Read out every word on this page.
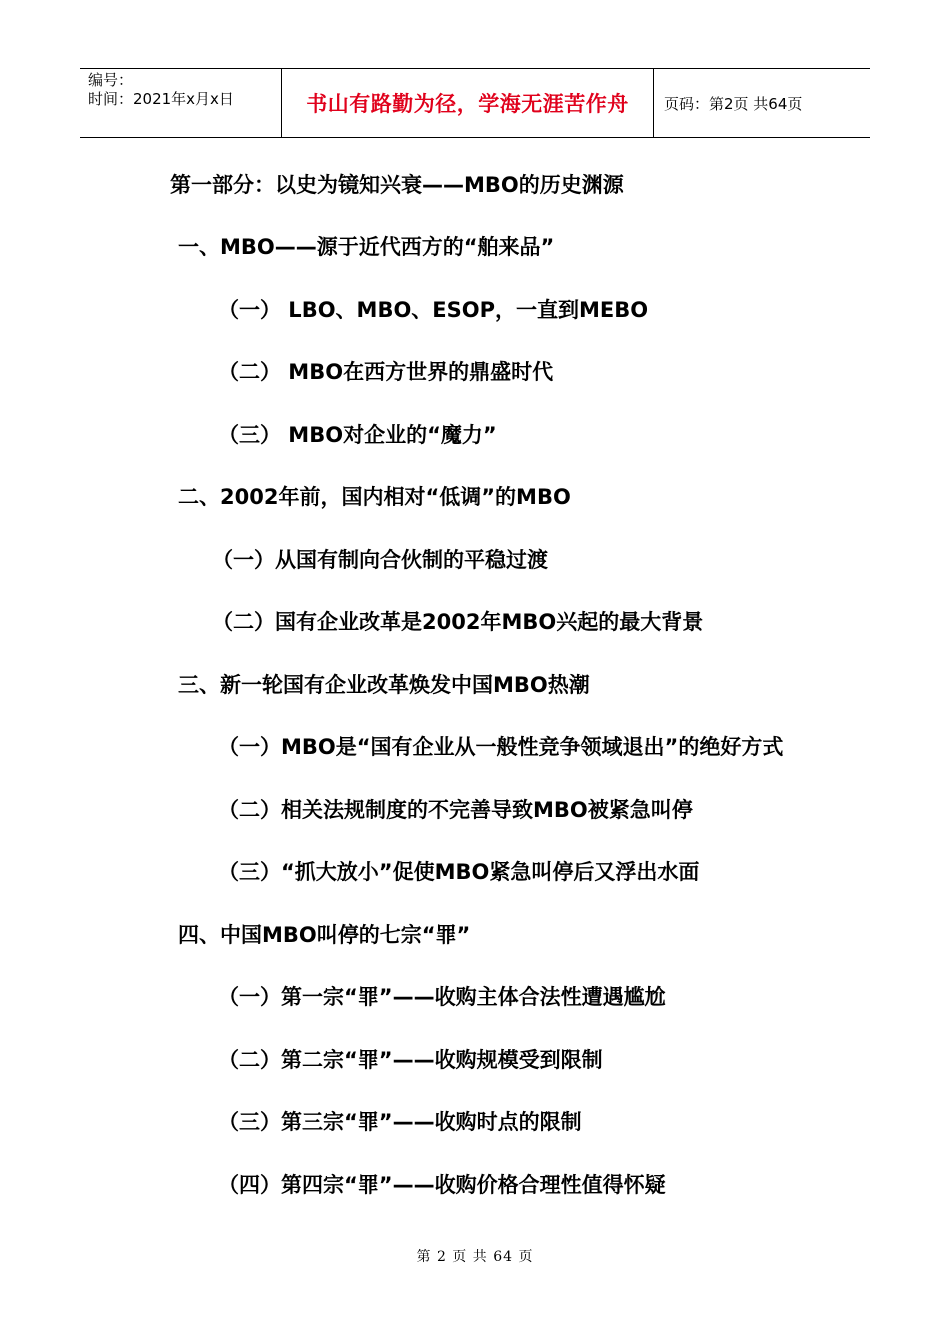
编号：
时间：2021年x月x日	书山有路勤为径，学海无涯苦作舟 页码：第2页 共64页
第一部分：以史为镜知兴衰——MBO的历史渊源
一、MBO——源于近代西方的“舶来品”
（一） LBO、MBO、ESOP，一直到MEBO
（二） MBO在西方世界的鼎盛时代
（三） MBO对企业的“魔力”
二、2002年前，国内相对“低调”的MBO
（一）从国有制向合伙制的平稳过渡
（二）国有企业改革是2002年MBO兴起的最大背景
三、新一轮国有企业改革焕发中国MBO热潮
（一）MBO是“国有企业从一般性竞争领域退出”的绝好方式
（二）相关法规制度的不完善导致MBO被紧急叫停
（三）“抓大放小”促使MBO紧急叫停后又浮出水面
四、中国MBO叫停的七宗“罪”
（一）第一宗“罪”——收购主体合法性遭遇尴尬
（二）第二宗“罪”——收购规模受到限制
（三）第三宗“罪”——收购时点的限制
（四）第四宗“罪”——收购价格合理性值得怀疑
第 2 页 共 64 页
